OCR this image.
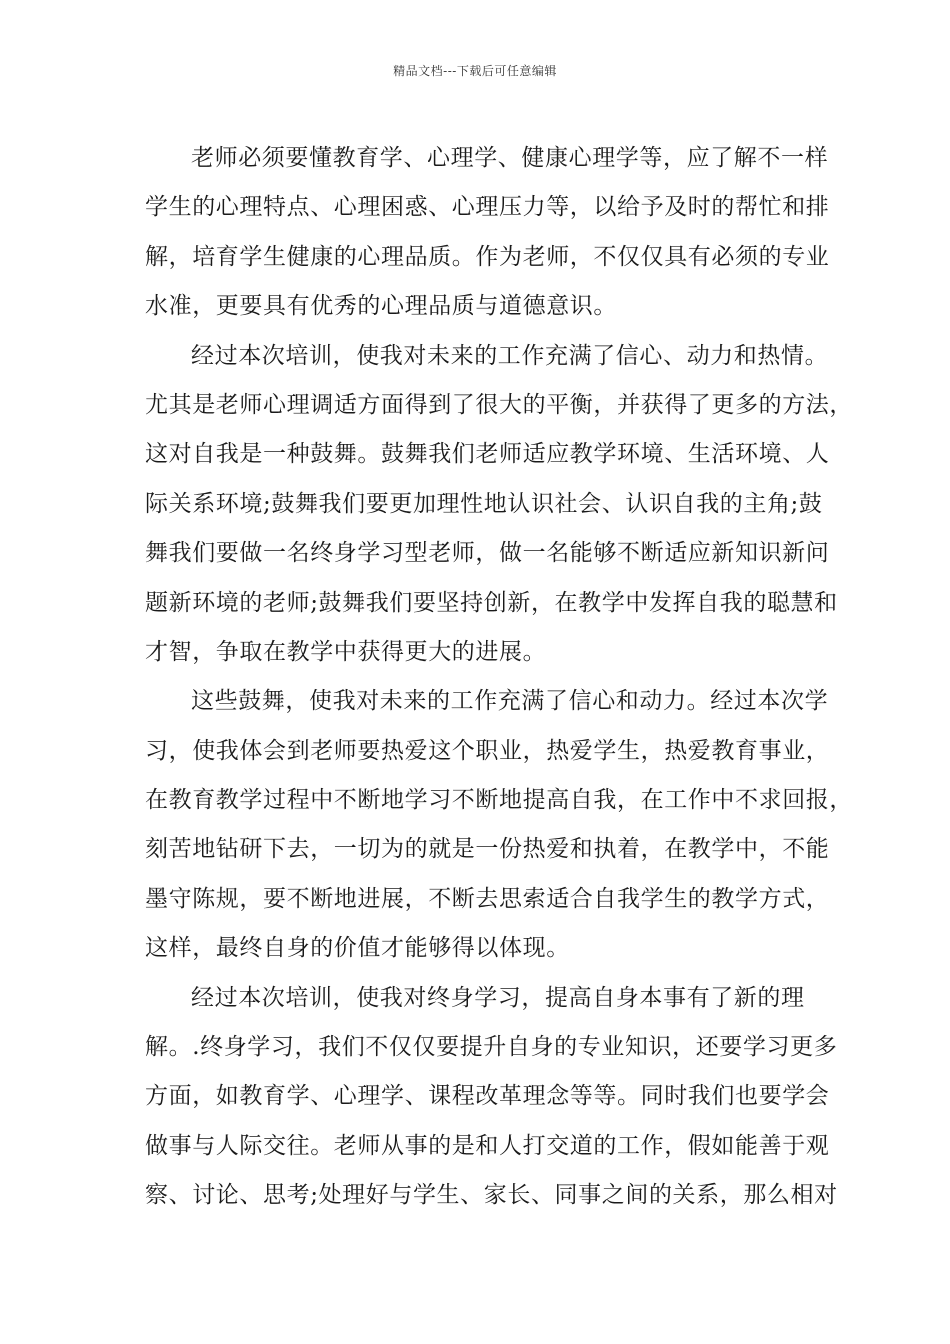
精品文档---下载后可任意编辑
老师必须要懂教育学、心理学、健康心理学等，应了解不一样
学生的心理特点、心理困惑、心理压力等，以给予及时的帮忙和排
解，培育学生健康的心理品质。作为老师，不仅仅具有必须的专业
水准，更要具有优秀的心理品质与道德意识。
经过本次培训，使我对未来的工作充满了信心、动力和热情。
尤其是老师心理调适方面得到了很大的平衡，并获得了更多的方法，
这对自我是一种鼓舞。鼓舞我们老师适应教学环境、生活环境、人
际关系环境;鼓舞我们要更加理性地认识社会、认识自我的主角;鼓
舞我们要做一名终身学习型老师，做一名能够不断适应新知识新问
题新环境的老师;鼓舞我们要坚持创新，在教学中发挥自我的聪慧和
才智，争取在教学中获得更大的进展。
这些鼓舞，使我对未来的工作充满了信心和动力。经过本次学
习，使我体会到老师要热爱这个职业，热爱学生，热爱教育事业，
在教育教学过程中不断地学习不断地提高自我，在工作中不求回报，
刻苦地钻研下去，一切为的就是一份热爱和执着，在教学中，不能
墨守陈规，要不断地进展，不断去思索适合自我学生的教学方式，
这样，最终自身的价值才能够得以体现。
经过本次培训，使我对终身学习，提高自身本事有了新的理
解。.终身学习，我们不仅仅要提升自身的专业知识，还要学习更多
方面，如教育学、心理学、课程改革理念等等。同时我们也要学会
做事与人际交往。老师从事的是和人打交道的工作，假如能善于观
察、讨论、思考;处理好与学生、家长、同事之间的关系，那么相对
